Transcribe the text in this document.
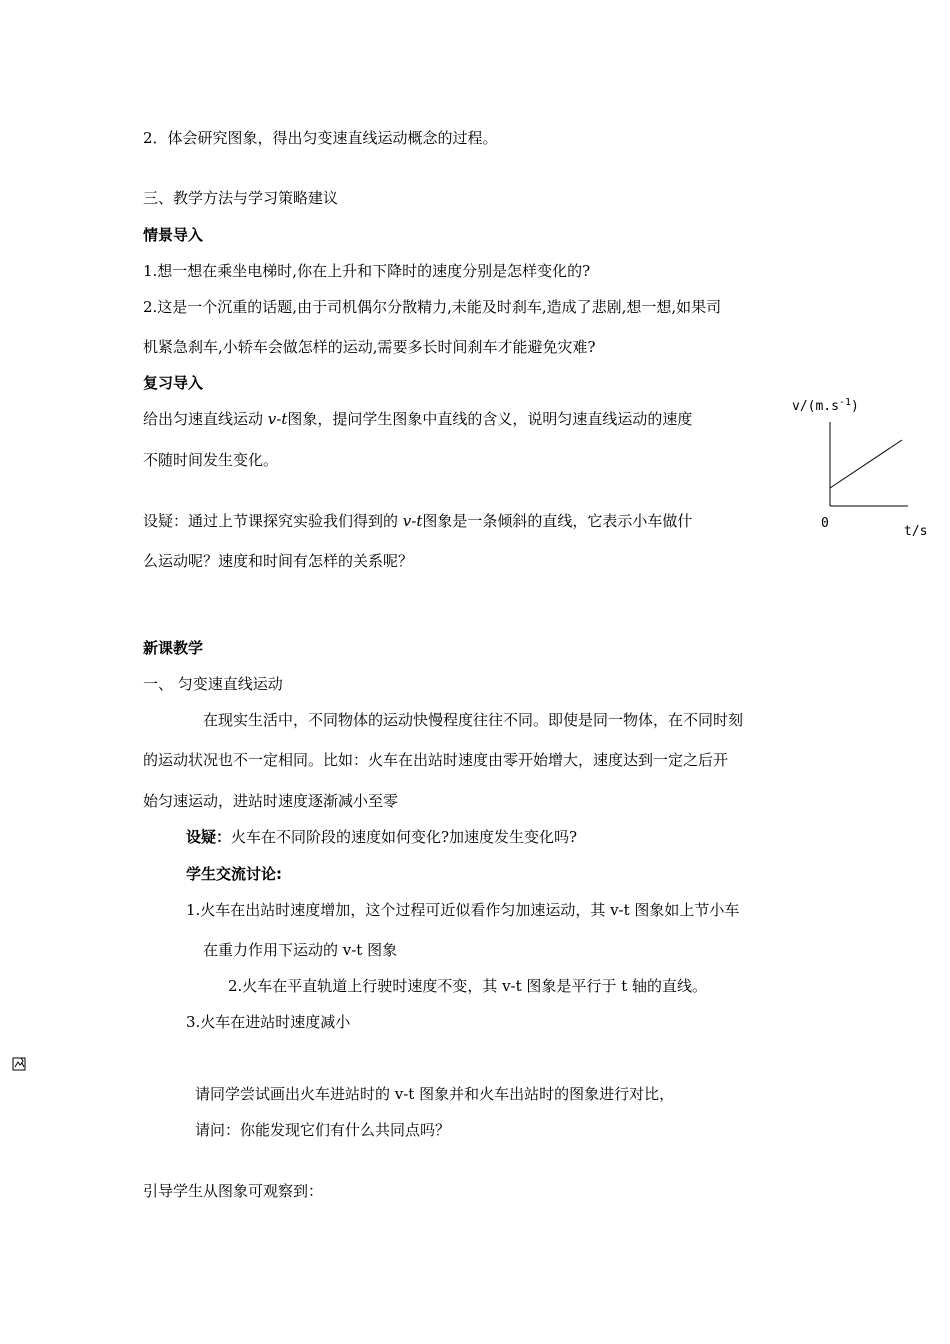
2．体会研究图象，得出匀变速直线运动概念的过程。
三、教学方法与学习策略建议
情景导入
1.想一想在乘坐电梯时,你在上升和下降时的速度分别是怎样变化的?
2.这是一个沉重的话题,由于司机偶尔分散精力,未能及时刹车,造成了悲剧,想一想,如果司
机紧急刹车,小轿车会做怎样的运动,需要多长时间刹车才能避免灾难?
复习导入
给出匀速直线运动 v-t图象，提问学生图象中直线的含义，说明匀速直线运动的速度
不随时间发生变化。
设疑：通过上节课探究实验我们得到的 v-t图象是一条倾斜的直线，它表示小车做什
么运动呢？速度和时间有怎样的关系呢？
新课教学
一、 匀变速直线运动
在现实生活中，不同物体的运动快慢程度往往不同。即使是同一物体，在不同时刻
的运动状况也不一定相同。比如：火车在出站时速度由零开始增大，速度达到一定之后开
始匀速运动，进站时速度逐渐减小至零
设疑：火车在不同阶段的速度如何变化?加速度发生变化吗?
学生交流讨论:
1.火车在出站时速度增加，这个过程可近似看作匀加速运动，其 v-t 图象如上节小车
在重力作用下运动的 v-t 图象
2.火车在平直轨道上行驶时速度不变，其 v-t 图象是平行于 t 轴的直线。
3.火车在进站时速度减小
请同学尝试画出火车进站时的 v-t 图象并和火车出站时的图象进行对比，
请问：你能发现它们有什么共同点吗？
引导学生从图象可观察到：
$v/(m.s^{-1})$
0
t/s
